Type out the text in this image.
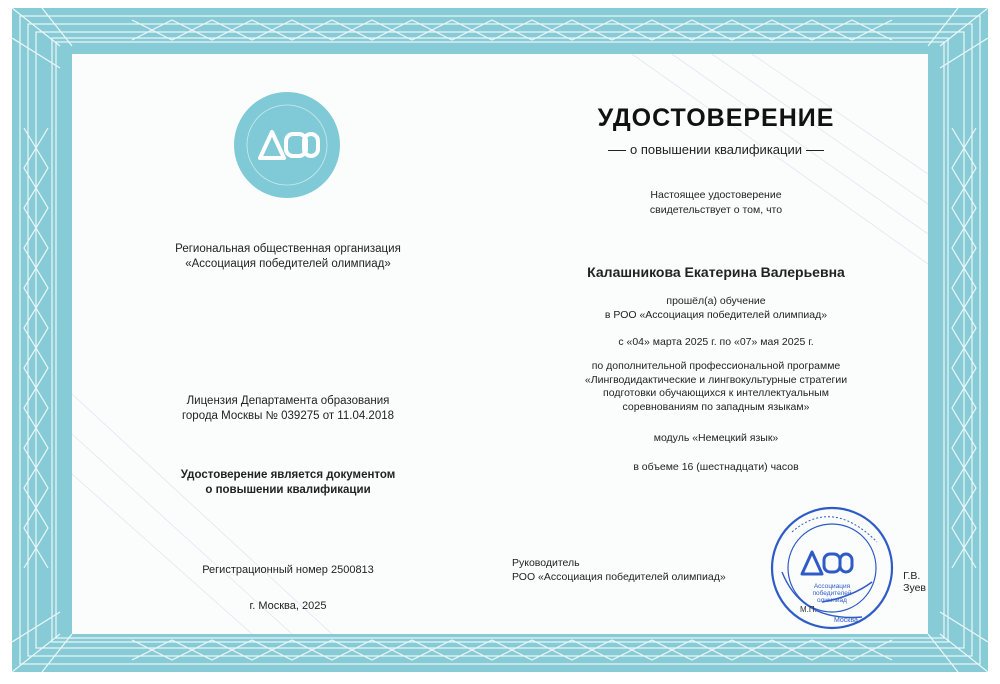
Региональная общественная организация
«Ассоциация победителей олимпиад»
Лицензия Департамента образования
города Москвы № 039275 от 11.04.2018
Удостоверение является документом
о повышении квалификации
Регистрационный номер 2500813
г. Москва, 2025
УДОСТОВЕРЕНИЕ
о повышении квалификации
Настоящее удостоверение
свидетельствует о том, что
Калашникова Екатерина Валерьевна
прошёл(а) обучение
в РОО «Ассоциация победителей олимпиад»
с «04» марта 2025 г. по «07» мая 2025 г.
по дополнительной профессиональной программе
«Лингводидактические и лингвокультурные стратегии
подготовки обучающихся к интеллектуальным
соревнованиям по западным языкам»
модуль «Немецкий язык»
в объеме 16 (шестнадцати) часов
Руководитель
РОО «Ассоциация победителей олимпиад»
Ассоциация
победителей
олимпиад
М.П.
Москва
Г.В. Зуев
